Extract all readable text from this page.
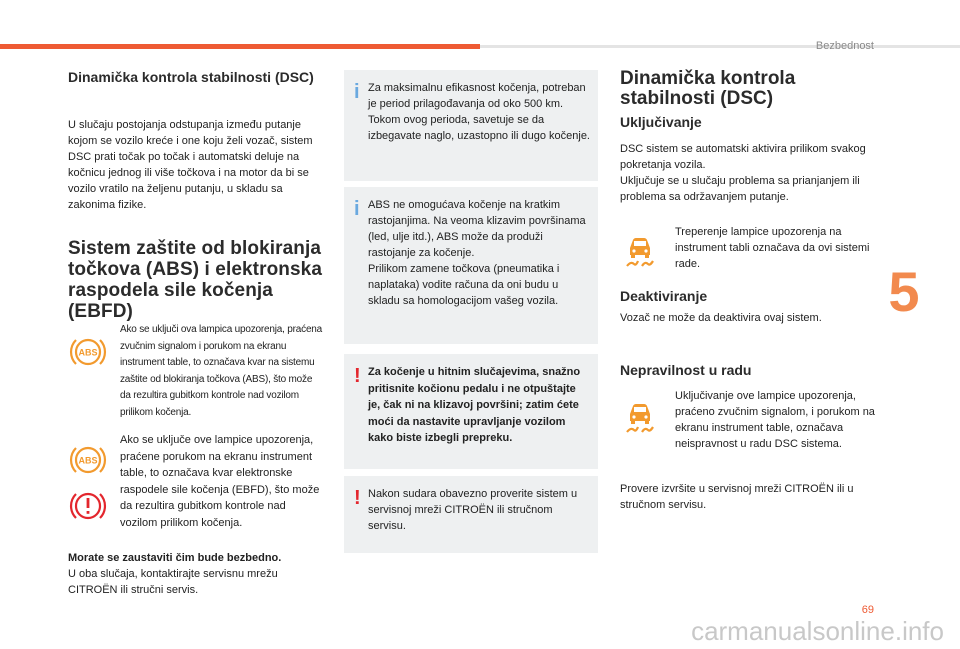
Bezbednost
5
69
carmanualsonline.info
Dinamička kontrola stabilnosti (DSC)

U slučaju postojanja odstupanja između putanje kojom se vozilo kreće i one koju želi vozač, sistem DSC prati točak po točak i automatski deluje na kočnicu jednog ili više točkova i na motor da bi se vozilo vratilo na željenu putanju, u skladu sa zakonima fizike.

Sistem zaštite od blokiranja točkova (ABS) i elektronska raspodela sile kočenja (EBFD)
ABS

Ako se uključi ova lampica upozorenja, praćena zvučnim signalom i porukom na ekranu instrument table, to označava kvar na sistemu zaštite od blokiranja točkova (ABS), što može da rezultira gubitkom kontrole nad vozilom prilikom kočenja.

ABS

Ako se uključe ove lampice upozorenja, praćene porukom na ekranu instrument table, to označava kvar elektronske raspodele sile kočenja (EBFD), što može da rezultira gubitkom kontrole nad vozilom prilikom kočenja.

Morate se zaustaviti čim bude bezbedno.
U oba slučaja, kontaktirajte servisnu mrežu CITROËN ili stručni servis.

i Za maksimalnu efikasnost kočenja, potreban je period prilagođavanja od oko 500 km. Tokom ovog perioda, savetuje se da izbegavate naglo, uzastopno ili dugo kočenje.

i ABS ne omogućava kočenje na kratkim rastojanjima. Na veoma klizavim površinama (led, ulje itd.), ABS može da produži rastojanje za kočenje.
Prilikom zamene točkova (pneumatika i naplataka) vodite računa da oni budu u skladu sa homologacijom vašeg vozila.

! Za kočenje u hitnim slučajevima, snažno pritisnite kočionu pedalu i ne otpuštajte je, čak ni na klizavoj površini; zatim ćete moći da nastavite upravljanje vozilom kako biste izbegli prepreku.

! Nakon sudara obavezno proverite sistem u servisnoj mreži CITROËN ili stručnom servisu.

Dinamička kontrola stabilnosti (DSC)
Uključivanje

DSC sistem se automatski aktivira prilikom svakog pokretanja vozila.
Uključuje se u slučaju problema sa prianjanjem ili problema sa održavanjem putanje.

Treperenje lampice upozorenja na instrument tabli označava da ovi sistemi rade.

Deaktiviranje

Vozač ne može da deaktivira ovaj sistem.

Nepravilnost u radu

Uključivanje ove lampice upozorenja, praćeno zvučnim signalom, i porukom na ekranu instrument table, označava neispravnost u radu DSC sistema.

Provere izvršite u servisnoj mreži CITROËN ili u stručnom servisu.
